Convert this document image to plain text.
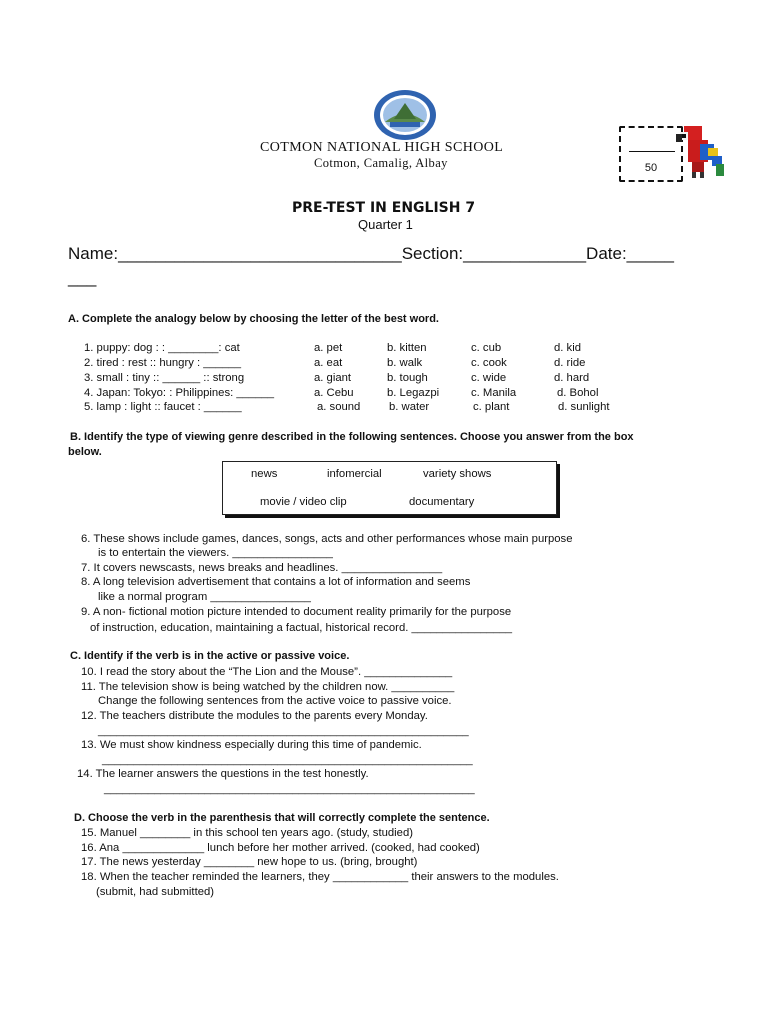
COTMON NATIONAL HIGH SCHOOL
Cotmon, Camalig, Albay	50
PRE-TEST IN ENGLISH 7
Quarter 1
Name:______________________________Section:_____________Date:_____
___
A. Complete the analogy below by choosing the letter of the best word.
1. puppy: dog : : ________: cat	a. pet	b. kitten	c. cub	d. kid
2. tired : rest :: hungry : ______	a. eat	b. walk	c. cook	d. ride
3. small : tiny :: ______ :: strong	a. giant	b. tough	c. wide	d. hard
4. Japan: Tokyo: : Philippines: ______	a. Cebu	b. Legazpi	c. Manila	d. Bohol
5. lamp : light :: faucet : ______	a. sound	b. water	c. plant	d. sunlight
B. Identify the type of viewing genre described in the following sentences. Choose you answer from the box
below.
news	infomercial	variety shows
movie / video clip	documentary
6. These shows include games, dances, songs, acts and other performances whose main purpose
is to entertain the viewers. ________________
7. It covers newscasts, news breaks and headlines. ________________
8. A long television advertisement that contains a lot of information and seems
like a normal program ________________
9. A non- fictional motion picture intended to document reality primarily for the purpose
of instruction, education, maintaining a factual, historical record. ________________
C. Identify if the verb is in the active or passive voice.
10. I read the story about the “The Lion and the Mouse”. ______________
11. The television show is being watched by the children now. __________
Change the following sentences from the active voice to passive voice.
12. The teachers distribute the modules to the parents every Monday.
___________________________________________________________
13. We must show kindness especially during this time of pandemic.
___________________________________________________________
14. The learner answers the questions in the test honestly.
___________________________________________________________
D. Choose the verb in the parenthesis that will correctly complete the sentence.
15. Manuel ________ in this school ten years ago. (study, studied)
16. Ana _____________ lunch before her mother arrived. (cooked, had cooked)
17. The news yesterday ________ new hope to us. (bring, brought)
18. When the teacher reminded the learners, they ____________ their answers to the modules.
(submit, had submitted)
